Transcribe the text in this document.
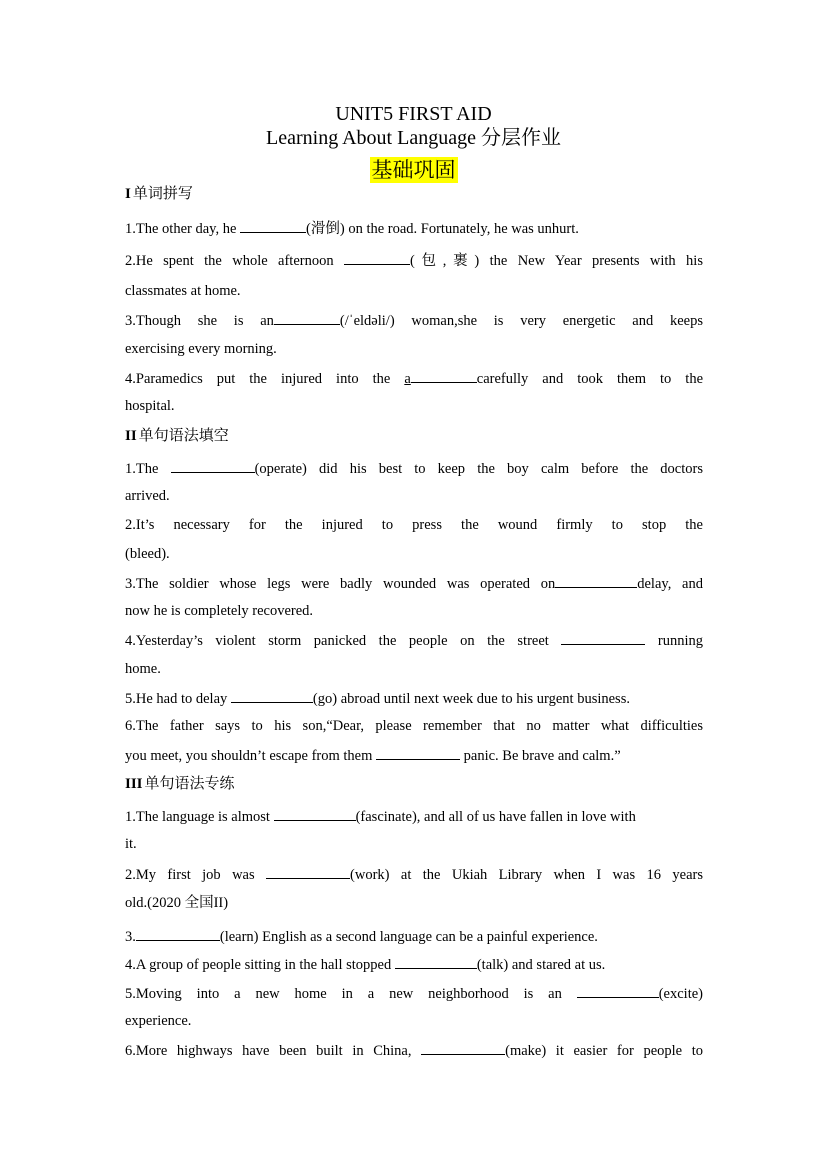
UNIT5 FIRST AID
Learning About Language 分层作业
基础巩固
I 单词拼写
1.The other day, he	(滑倒) on the road. Fortunately, he was unhurt.
2.He spent the whole afternoon	(包,裹) the New Year presents with his
classmates at home.
3.Though she is an	(/ˈeldəli/) woman,she is very energetic and keeps
exercising every morning.
4.Paramedics put the injured into the a	carefully and took them to the
hospital.
II 单句语法填空
1.The	(operate) did his best to keep the boy calm before the doctors
arrived.
2.It’s necessary for the injured to press the wound firmly to stop the
(bleed).
3.The soldier whose legs were badly wounded was operated on	delay, and
now he is completely recovered.
4.Yesterday’s violent storm panicked the people on the street	running
home.
5.He had to delay	(go) abroad until next week due to his urgent business.
6.The father says to his son,“Dear, please remember that no matter what difficulties
you meet, you shouldn’t escape from them	panic. Be brave and calm.”
III 单句语法专练
1.The language is almost	(fascinate), and all of us have fallen in love with
it.
2.My first job was	(work) at the Ukiah Library when I was 16 years
old.(2020 全国II)
3.	(learn) English as a second language can be a painful experience.
4.A group of people sitting in the hall stopped	(talk) and stared at us.
5.Moving into a new home in a new neighborhood is an	(excite)
experience.
6.More highways have been built in China,	(make) it easier for people to
